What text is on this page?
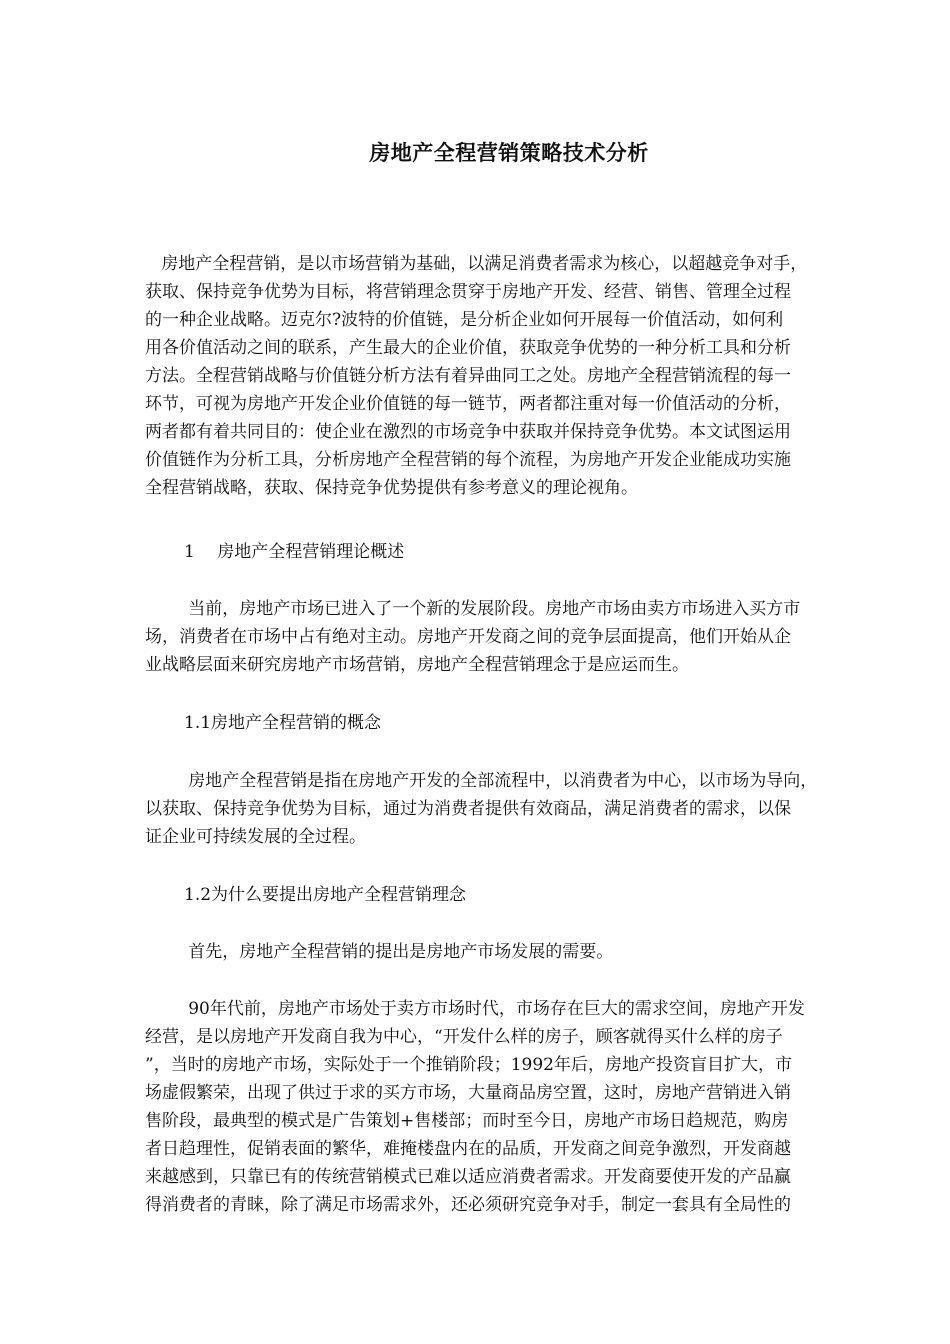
房地产全程营销策略技术分析
房地产全程营销，是以市场营销为基础，以满足消费者需求为核心，以超越竞争对手，
获取、保持竞争优势为目标，将营销理念贯穿于房地产开发、经营、销售、管理全过程
的一种企业战略。迈克尔?波特的价值链，是分析企业如何开展每一价值活动，如何利
用各价值活动之间的联系，产生最大的企业价值，获取竞争优势的一种分析工具和分析
方法。全程营销战略与价值链分析方法有着异曲同工之处。房地产全程营销流程的每一
环节，可视为房地产开发企业价值链的每一链节，两者都注重对每一价值活动的分析，
两者都有着共同目的：使企业在激烈的市场竞争中获取并保持竞争优势。本文试图运用
价值链作为分析工具，分析房地产全程营销的每个流程，为房地产开发企业能成功实施
全程营销战略，获取、保持竞争优势提供有参考意义的理论视角。
1　 房地产全程营销理论概述
当前，房地产市场已进入了一个新的发展阶段。房地产市场由卖方市场进入买方市
场，消费者在市场中占有绝对主动。房地产开发商之间的竞争层面提高，他们开始从企
业战略层面来研究房地产市场营销，房地产全程营销理念于是应运而生。
1.1房地产全程营销的概念
房地产全程营销是指在房地产开发的全部流程中，以消费者为中心，以市场为导向，
以获取、保持竞争优势为目标，通过为消费者提供有效商品，满足消费者的需求，以保
证企业可持续发展的全过程。
1.2为什么要提出房地产全程营销理念
首先，房地产全程营销的提出是房地产市场发展的需要。
90年代前，房地产市场处于卖方市场时代，市场存在巨大的需求空间，房地产开发
经营，是以房地产开发商自我为中心，“开发什么样的房子，顾客就得买什么样的房子
”，当时的房地产市场，实际处于一个推销阶段；1992年后，房地产投资盲目扩大，市
场虚假繁荣，出现了供过于求的买方市场，大量商品房空置，这时，房地产营销进入销
售阶段，最典型的模式是广告策划+售楼部；而时至今日，房地产市场日趋规范，购房
者日趋理性，促销表面的繁华，难掩楼盘内在的品质，开发商之间竞争激烈，开发商越
来越感到，只靠已有的传统营销模式已难以适应消费者需求。开发商要使开发的产品赢
得消费者的青睐，除了满足市场需求外，还必须研究竞争对手，制定一套具有全局性的
